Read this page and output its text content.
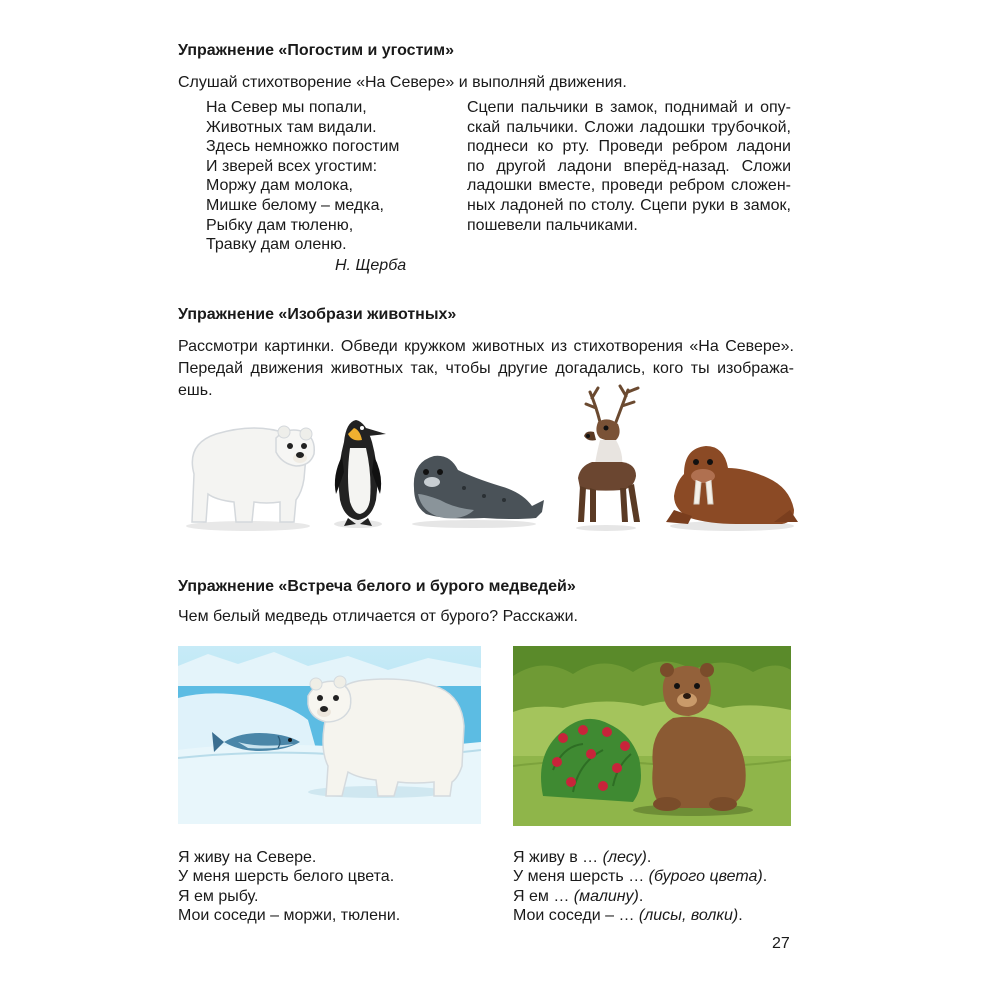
Упражнение «Погостим и угостим»
Слушай стихотворение «На Севере» и выполняй движения.
На Север мы попали,
Животных там видали.
Здесь немножко погостим
И зверей всех угостим:
Моржу дам молока,
Мишке белому – медка,
Рыбку дам тюленю,
Травку дам оленю.
Н. Щерба
Сцепи пальчики в замок, поднимай и опу-
скай пальчики. Сложи ладошки трубочкой,
поднеси ко рту. Проведи ребром ладони
по другой ладони вперёд-назад. Сложи
ладошки вместе, проведи ребром сложен-
ных ладоней по столу. Сцепи руки в замок,
пошевели пальчиками.
Упражнение «Изобрази животных»
Рассмотри картинки. Обведи кружком животных из стихотворения «На Севере».
Передай движения животных так, чтобы другие догадались, кого ты изобража-
ешь.
Упражнение «Встреча белого и бурого медведей»
Чем белый медведь отличается от бурого? Расскажи.
Я живу на Севере.
У меня шерсть белого цвета.
Я ем рыбу.
Мои соседи – моржи, тюлени.
Я живу в … (лесу).
У меня шерсть … (бурого цвета).
Я ем … (малину).
Мои соседи – … (лисы, волки).
27
